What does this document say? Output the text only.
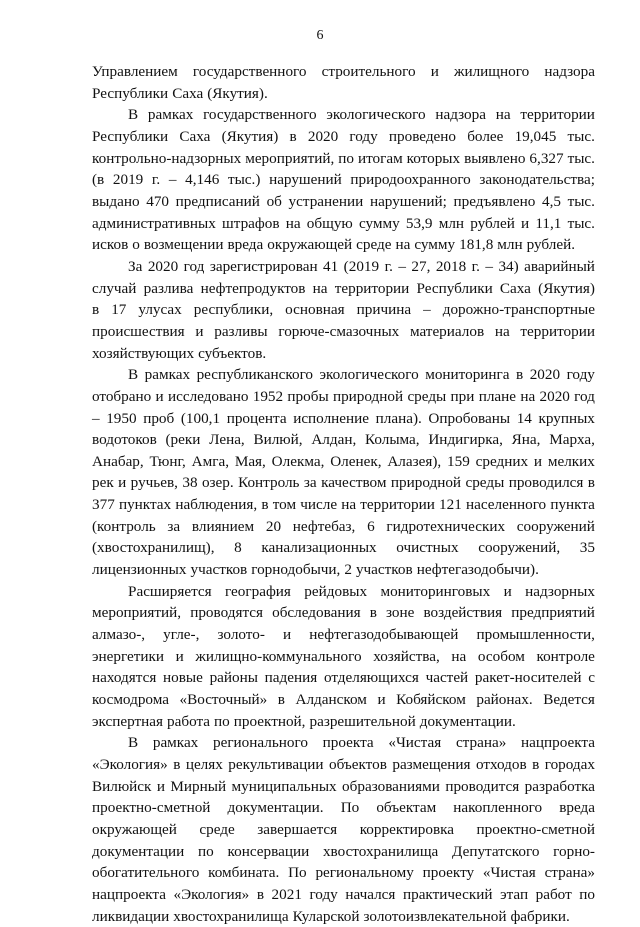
6
Управлением государственного строительного и жилищного надзора
Республики Саха (Якутия).
В рамках государственного экологического надзора на территории
Республики Саха (Якутия) в 2020 году проведено более 19,045 тыс.
контрольно-надзорных мероприятий, по итогам которых выявлено 6,327 тыс.
(в 2019 г. – 4,146 тыс.) нарушений природоохранного законодательства;
выдано 470 предписаний об устранении нарушений; предъявлено 4,5 тыс.
административных штрафов на общую сумму 53,9 млн рублей и 11,1 тыс.
исков о возмещении вреда окружающей среде на сумму 181,8 млн рублей.
За 2020 год зарегистрирован 41 (2019 г. – 27, 2018 г. – 34) аварийный
случай разлива нефтепродуктов на территории Республики Саха (Якутия)
в 17 улусах республики, основная причина – дорожно-транспортные
происшествия и разливы горюче-смазочных материалов на территории
хозяйствующих субъектов.
В рамках республиканского экологического мониторинга в 2020 году
отобрано и исследовано 1952 пробы природной среды при плане на 2020 год
– 1950 проб (100,1 процента исполнение плана). Опробованы 14 крупных
водотоков (реки Лена, Вилюй, Алдан, Колыма, Индигирка, Яна, Марха,
Анабар, Тюнг, Амга, Мая, Олекма, Оленек, Алазея), 159 средних и мелких
рек и ручьев, 38 озер. Контроль за качеством природной среды проводился в
377 пунктах наблюдения, в том числе на территории 121 населенного пункта
(контроль за влиянием 20 нефтебаз, 6 гидротехнических сооружений
(хвостохранилищ), 8 канализационных очистных сооружений, 35
лицензионных участков горнодобычи, 2 участков нефтегазодобычи).
Расширяется география рейдовых мониторинговых и надзорных
мероприятий, проводятся обследования в зоне воздействия предприятий
алмазо-, угле-, золото- и нефтегазодобывающей промышленности,
энергетики и жилищно-коммунального хозяйства, на особом контроле
находятся новые районы падения отделяющихся частей ракет-носителей с
космодрома «Восточный» в Алданском и Кобяйском районах. Ведется
экспертная работа по проектной, разрешительной документации.
В рамках регионального проекта «Чистая страна» нацпроекта
«Экология» в целях рекультивации объектов размещения отходов в городах
Вилюйск и Мирный муниципальных образованиями проводится разработка
проектно-сметной документации. По объектам накопленного вреда
окружающей среде завершается корректировка проектно-сметной
документации по консервации хвостохранилища Депутатского горно-
обогатительного комбината. По региональному проекту «Чистая страна»
нацпроекта «Экология» в 2021 году начался практический этап работ по
ликвидации хвостохранилища Куларской золотоизвлекательной фабрики.
